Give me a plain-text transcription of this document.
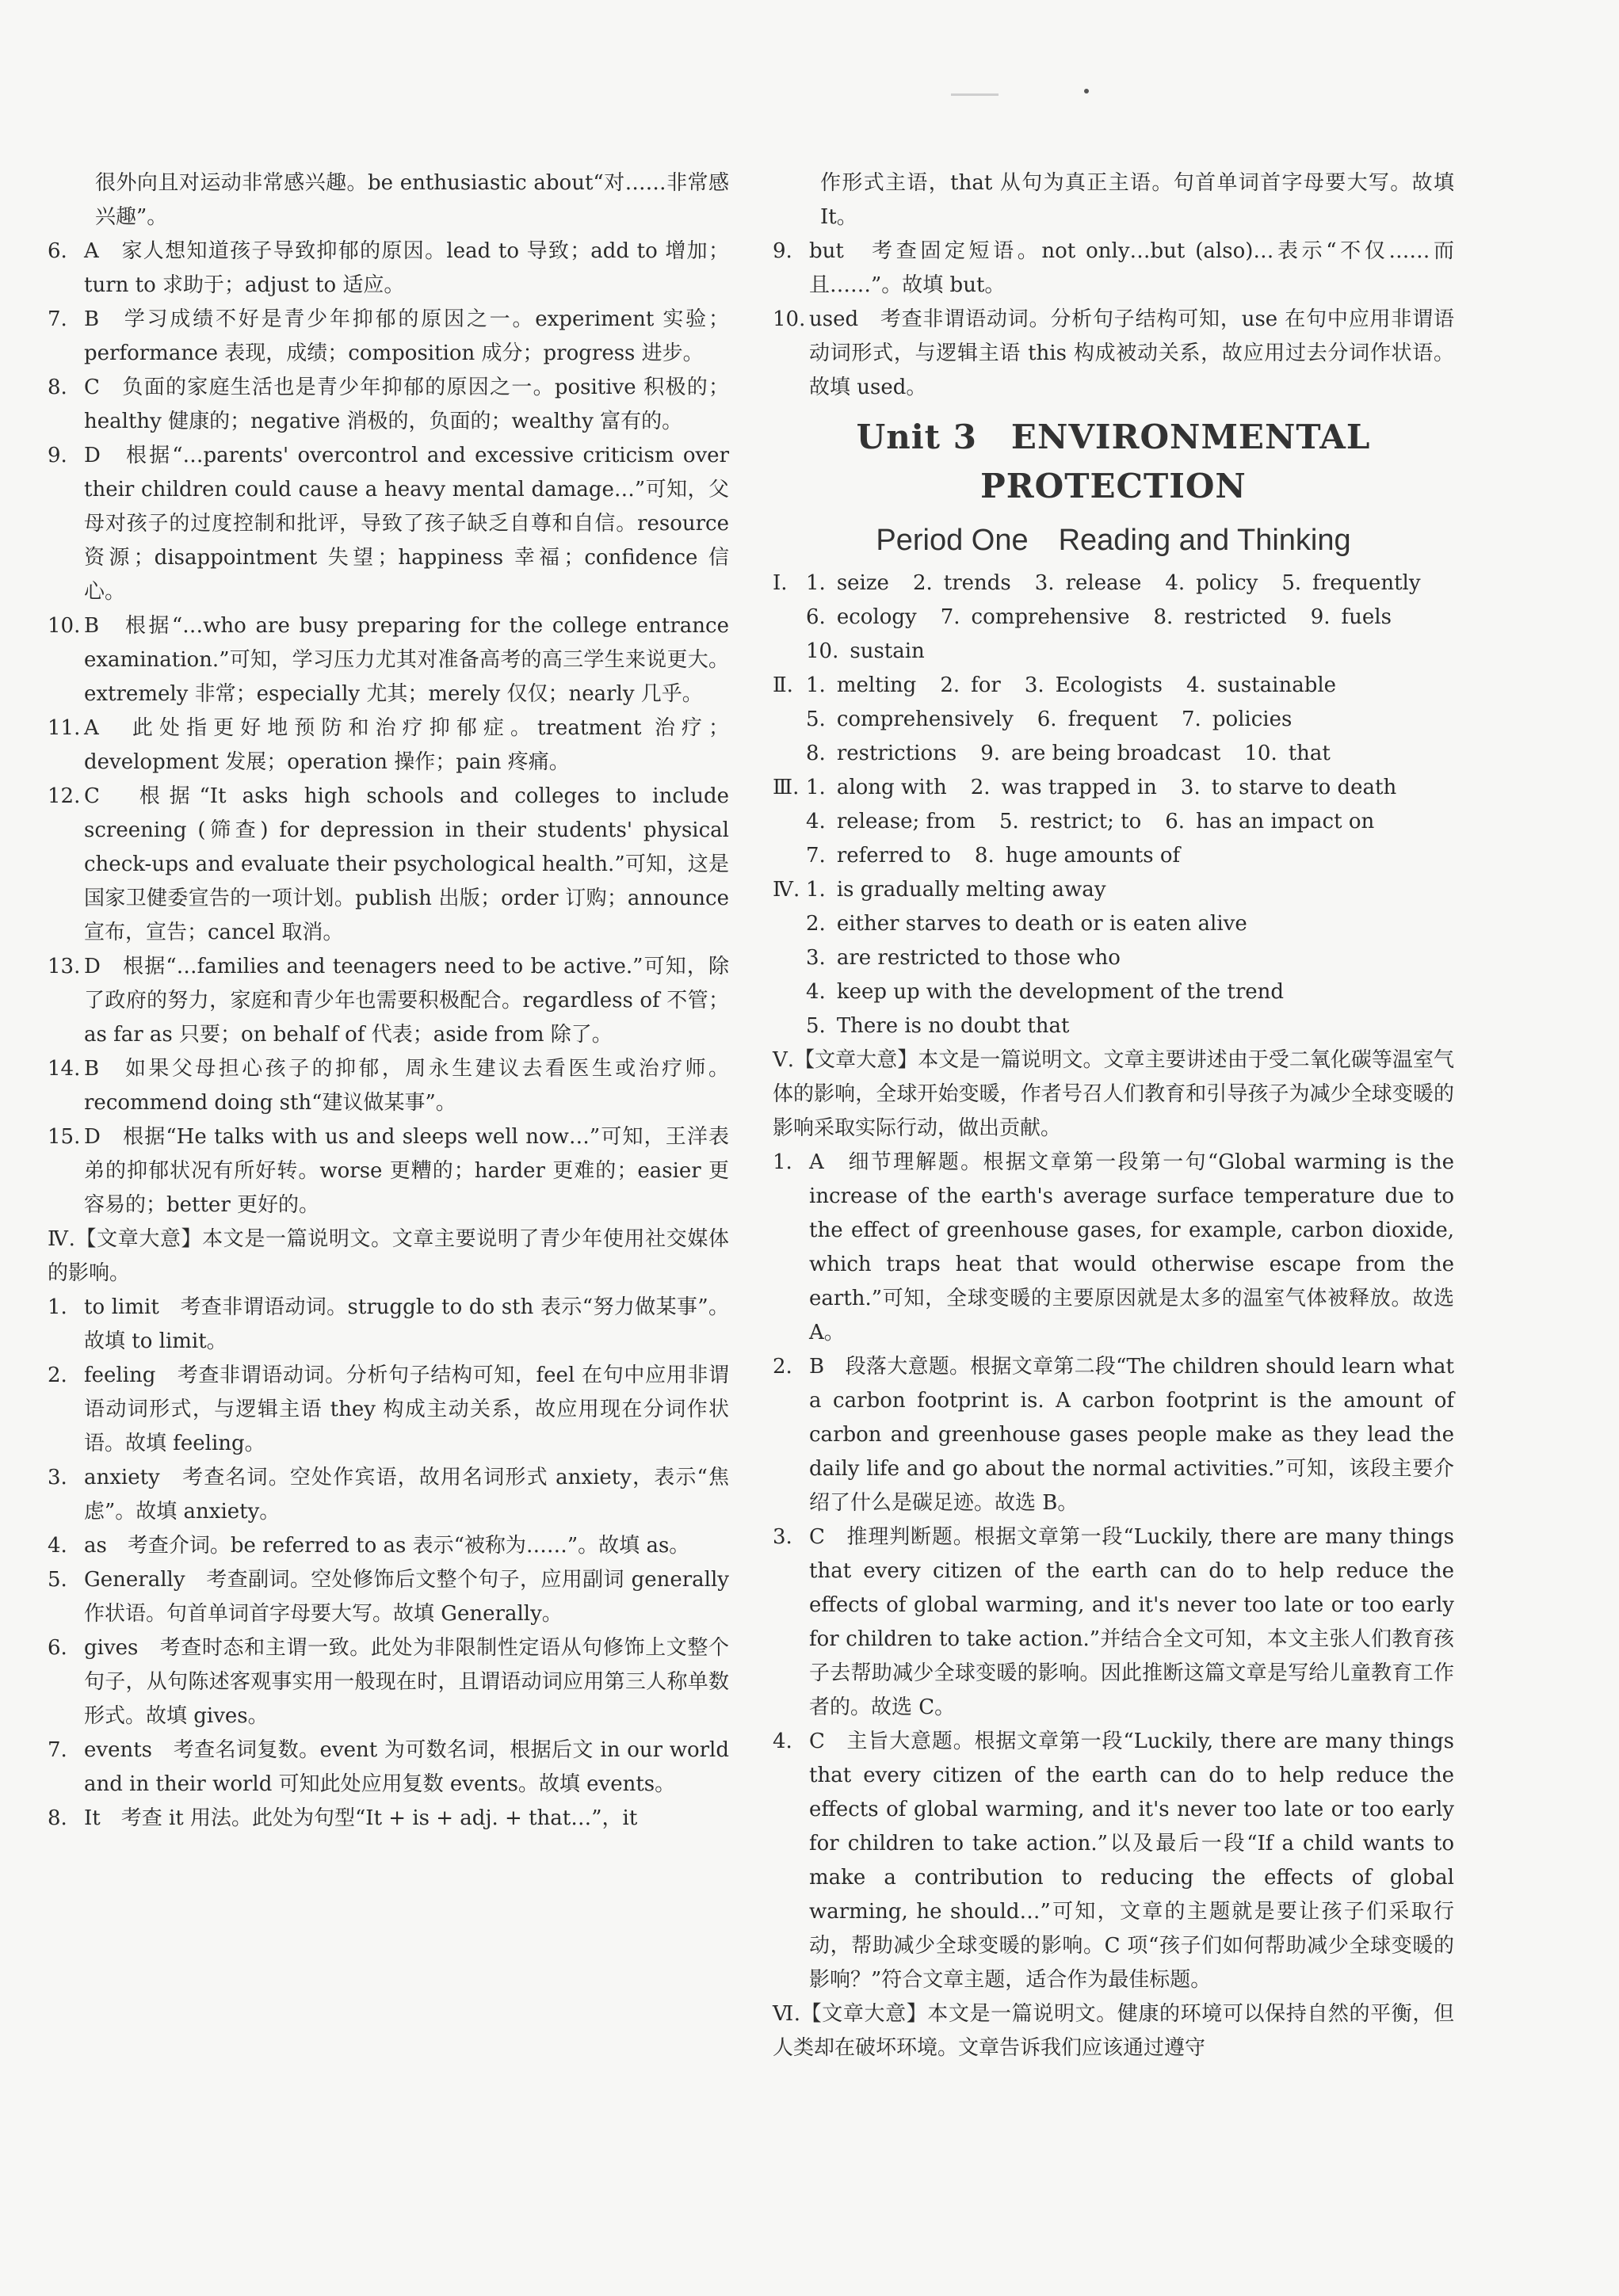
很外向且对运动非常感兴趣。be enthusiastic about“对……非常感兴趣”。
6. A　家人想知道孩子导致抑郁的原因。lead to 导致；add to 增加；turn to 求助于；adjust to 适应。
7. B　学习成绩不好是青少年抑郁的原因之一。experiment 实验；performance 表现，成绩；composition 成分；progress 进步。
8. C　负面的家庭生活也是青少年抑郁的原因之一。positive 积极的；healthy 健康的；negative 消极的，负面的；wealthy 富有的。
9. D　根据“…parents' overcontrol and excessive criticism over their children could cause a heavy mental damage…”可知，父母对孩子的过度控制和批评，导致了孩子缺乏自尊和自信。resource 资源；disappointment 失望；happiness 幸福；confidence 信心。
10. B　根据“…who are busy preparing for the college entrance examination.”可知，学习压力尤其对准备高考的高三学生来说更大。extremely 非常；especially 尤其；merely 仅仅；nearly 几乎。
11. A　此处指更好地预防和治疗抑郁症。treatment 治疗；development 发展；operation 操作；pain 疼痛。
12. C　根据“It asks high schools and colleges to include screening (筛查) for depression in their students' physical check-ups and evaluate their psychological health.”可知，这是国家卫健委宣告的一项计划。publish 出版；order 订购；announce 宣布，宣告；cancel 取消。
13. D　根据“…families and teenagers need to be active.”可知，除了政府的努力，家庭和青少年也需要积极配合。regardless of 不管；as far as 只要；on behalf of 代表；aside from 除了。
14. B　如果父母担心孩子的抑郁，周永生建议去看医生或治疗师。recommend doing sth“建议做某事”。
15. D　根据“He talks with us and sleeps well now…”可知，王洋表弟的抑郁状况有所好转。worse 更糟的；harder 更难的；easier 更容易的；better 更好的。
Ⅳ.【文章大意】本文是一篇说明文。文章主要说明了青少年使用社交媒体的影响。
1. to limit　考查非谓语动词。struggle to do sth 表示“努力做某事”。故填 to limit。
2. feeling　考查非谓语动词。分析句子结构可知，feel 在句中应用非谓语动词形式，与逻辑主语 they 构成主动关系，故应用现在分词作状语。故填 feeling。
3. anxiety　考查名词。空处作宾语，故用名词形式 anxiety，表示“焦虑”。故填 anxiety。
4. as　考查介词。be referred to as 表示“被称为……”。故填 as。
5. Generally　考查副词。空处修饰后文整个句子，应用副词 generally 作状语。句首单词首字母要大写。故填 Generally。
6. gives　考查时态和主谓一致。此处为非限制性定语从句修饰上文整个句子，从句陈述客观事实用一般现在时，且谓语动词应用第三人称单数形式。故填 gives。
7. events　考查名词复数。event 为可数名词，根据后文 in our world and in their world 可知此处应用复数 events。故填 events。
8. It　考查 it 用法。此处为句型“It + is + adj. + that…”，it
作形式主语，that 从句为真正主语。句首单词首字母要大写。故填 It。
9. but　考查固定短语。not only…but (also)…表示“不仅……而且……”。故填 but。
10. used　考查非谓语动词。分析句子结构可知，use 在句中应用非谓语动词形式，与逻辑主语 this 构成被动关系，故应用过去分词作状语。故填 used。
Unit 3　ENVIRONMENTAL PROTECTION
Period One　Reading and Thinking
Ⅰ. 1. seize 2. trends 3. release 4. policy 5. frequently
6. ecology 7. comprehensive 8. restricted 9. fuels
10. sustain
Ⅱ. 1. melting 2. for 3. Ecologists 4. sustainable
5. comprehensively 6. frequent 7. policies
8. restrictions 9. are being broadcast 10. that
Ⅲ. 1. along with 2. was trapped in 3. to starve to death
4. release; from 5. restrict; to 6. has an impact on
7. referred to 8. huge amounts of
Ⅳ. 1. is gradually melting away
2. either starves to death or is eaten alive
3. are restricted to those who
4. keep up with the development of the trend
5. There is no doubt that
Ⅴ.【文章大意】本文是一篇说明文。文章主要讲述由于受二氧化碳等温室气体的影响，全球开始变暖，作者号召人们教育和引导孩子为减少全球变暖的影响采取实际行动，做出贡献。
1. A　细节理解题。根据文章第一段第一句“Global warming is the increase of the earth's average surface temperature due to the effect of greenhouse gases, for example, carbon dioxide, which traps heat that would otherwise escape from the earth.”可知，全球变暖的主要原因就是太多的温室气体被释放。故选 A。
2. B　段落大意题。根据文章第二段“The children should learn what a carbon footprint is. A carbon footprint is the amount of carbon and greenhouse gases people make as they lead the daily life and go about the normal activities.”可知，该段主要介绍了什么是碳足迹。故选 B。
3. C　推理判断题。根据文章第一段“Luckily, there are many things that every citizen of the earth can do to help reduce the effects of global warming, and it's never too late or too early for children to take action.”并结合全文可知，本文主张人们教育孩子去帮助减少全球变暖的影响。因此推断这篇文章是写给儿童教育工作者的。故选 C。
4. C　主旨大意题。根据文章第一段“Luckily, there are many things that every citizen of the earth can do to help reduce the effects of global warming, and it's never too late or too early for children to take action.”以及最后一段“If a child wants to make a contribution to reducing the effects of global warming, he should…”可知，文章的主题就是要让孩子们采取行动，帮助减少全球变暖的影响。C 项“孩子们如何帮助减少全球变暖的影响？”符合文章主题，适合作为最佳标题。
Ⅵ.【文章大意】本文是一篇说明文。健康的环境可以保持自然的平衡，但人类却在破坏环境。文章告诉我们应该通过遵守
